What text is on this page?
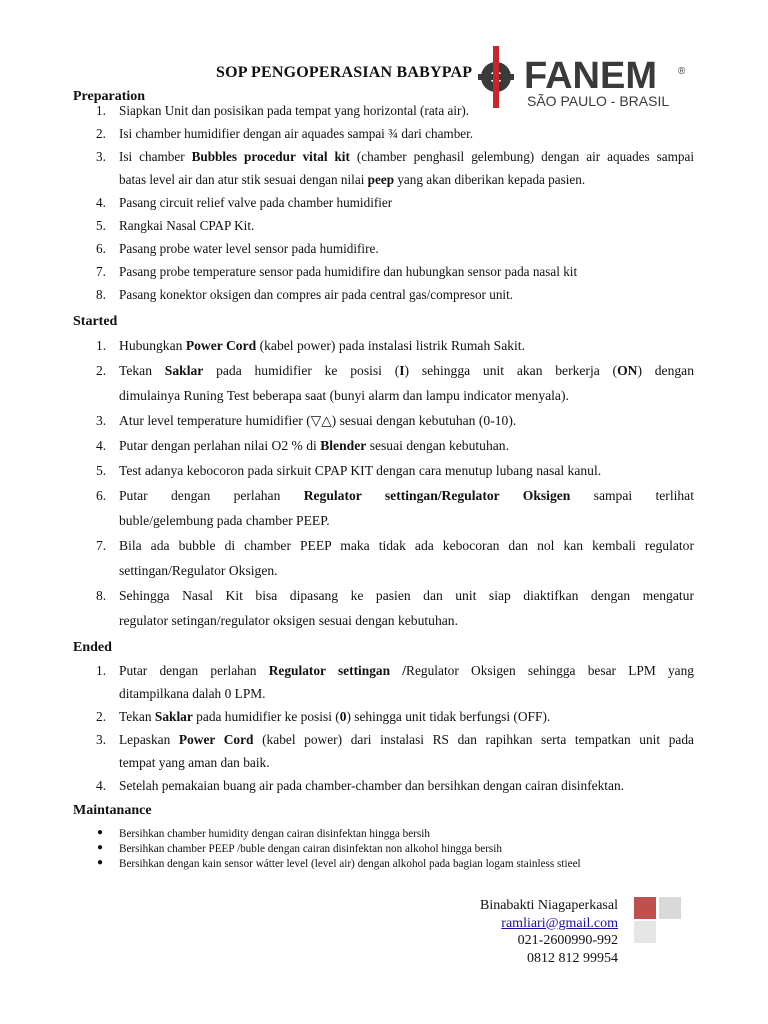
SOP PENGOPERASIAN BABYPAP FANEM ®
SÃO PAULO - BRASIL
Preparation
1. Siapkan Unit dan posisikan pada tempat yang horizontal (rata air).
2. Isi chamber humidifier dengan air aquades sampai ¾ dari chamber.
3. Isi chamber Bubbles procedur vital kit (chamber penghasil gelembung) dengan air aquades sampai
batas level air dan atur stik sesuai dengan nilai peep yang akan diberikan kepada pasien.
4. Pasang circuit relief valve pada chamber humidifier
5. Rangkai Nasal CPAP Kit.
6. Pasang probe water level sensor pada humidifire.
7. Pasang probe temperature sensor pada humidifire dan hubungkan sensor pada nasal kit
8. Pasang konektor oksigen dan compres air pada central gas/compresor unit.
Started
1. Hubungkan Power Cord (kabel power) pada instalasi listrik Rumah Sakit.
2. Tekan Saklar pada humidifier ke posisi (I) sehingga unit akan berkerja (ON) dengan
dimulainya Runing Test beberapa saat (bunyi alarm dan lampu indicator menyala).
3. Atur level temperature humidifier (▽△) sesuai dengan kebutuhan (0-10).
4. Putar dengan perlahan nilai O2 % di Blender sesuai dengan kebutuhan.
5. Test adanya kebocoron pada sirkuit CPAP KIT dengan cara menutup lubang nasal kanul.
6. Putar dengan perlahan Regulator settingan/Regulator Oksigen sampai terlihat
buble/gelembung pada chamber PEEP.
7. Bila ada bubble di chamber PEEP maka tidak ada kebocoran dan nol kan kembali regulator
settingan/Regulator Oksigen.
8. Sehingga Nasal Kit bisa dipasang ke pasien dan unit siap diaktifkan dengan mengatur
regulator setingan/regulator oksigen sesuai dengan kebutuhan.
Ended
1. Putar dengan perlahan Regulator settingan /Regulator Oksigen sehingga besar LPM yang
ditampilkana dalah 0 LPM.
2. Tekan Saklar pada humidifier ke posisi (0) sehingga unit tidak berfungsi (OFF).
3. Lepaskan Power Cord (kabel power) dari instalasi RS dan rapihkan serta tempatkan unit pada
tempat yang aman dan baik.
4. Setelah pemakaian buang air pada chamber-chamber dan bersihkan dengan cairan disinfektan.
Maintanance
● Bersihkan chamber humidity dengan cairan disinfektan hingga bersih
● Bersihkan chamber PEEP /buble dengan cairan disinfektan non alkohol hingga bersih
● Bersihkan dengan kain sensor wátter level (level air) dengan alkohol pada bagian logam stainless stieel
Binabakti Niagaperkasal
ramliari@gmail.com
021-2600990-992
0812 812 99954
